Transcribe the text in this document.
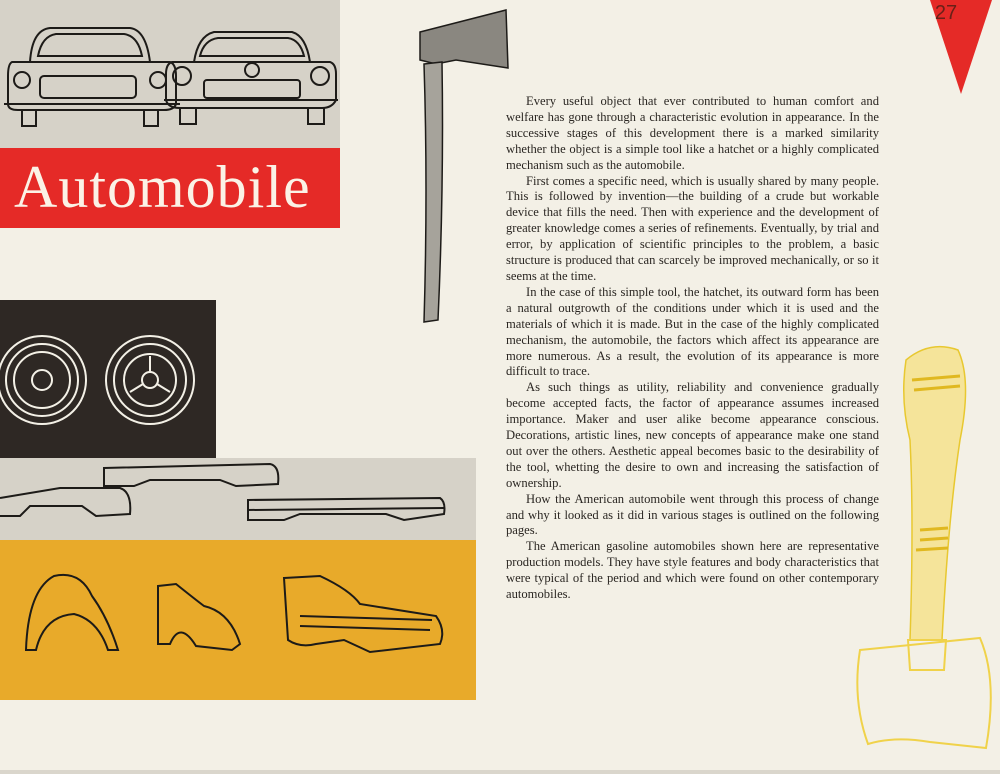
Automobile
27

Every useful object that ever contributed to human comfort and welfare has gone through a characteristic evolution in appearance. In the successive stages of this development there is a marked similarity whether the object is a simple tool like a hatchet or a highly complicated mechanism such as the automobile.

First comes a specific need, which is usually shared by many people. This is followed by invention—the building of a crude but workable device that fills the need. Then with experience and the development of greater knowledge comes a series of refinements. Eventually, by trial and error, by application of scientific principles to the problem, a basic structure is produced that can scarcely be improved mechanically, or so it seems at the time.

In the case of this simple tool, the hatchet, its outward form has been a natural outgrowth of the conditions under which it is used and the materials of which it is made. But in the case of the highly complicated mechanism, the automobile, the factors which affect its appearance are more numerous. As a result, the evolution of its appearance is more difficult to trace.

As such things as utility, reliability and convenience gradually become accepted facts, the factor of appearance assumes increased importance. Maker and user alike become appearance conscious. Decorations, artistic lines, new concepts of appearance make one stand out over the others. Aesthetic appeal becomes basic to the desirability of the tool, whetting the desire to own and increasing the satisfaction of ownership.

How the American automobile went through this process of change and why it looked as it did in various stages is outlined on the following pages.

The American gasoline automobiles shown here are representative production models. They have style features and body characteristics that were typical of the period and which were found on other contemporary automobiles.
